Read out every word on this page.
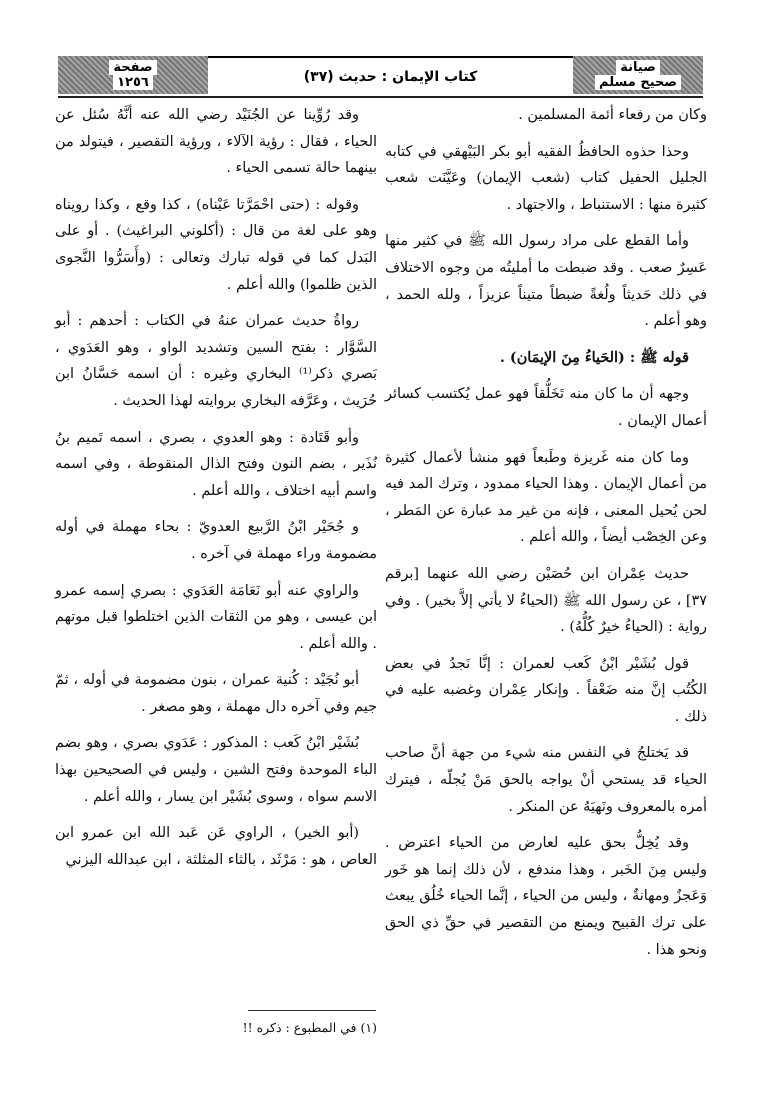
صيانة
صحيح مسلم
كتاب الإيمان : حديث (٣٧)
صفحة
١٢٥٦

وكان من رفعاء أئمة المسلمين .

وحذا حذوه الحافظُ الفقيه أبو بكر البَيْهقي في كتابه الجليل الحفيل كتاب (شعب الإيمان) وعَيَّنَت شعب كثيرة منها : الاستنباط ، والاجتهاد .

وأما القطع على مراد رسول الله ﷺ في كثير منها عَسِرٌ صعب . وقد ضبطت ما أمليتُه من وجوه الاختلاف في ذلك حَديثاً ولُغةً ضبطاً متيناً عزيزاً ، ولله الحمد ، وهو أعلم .

قوله ﷺ : (الحَياءُ مِنَ الإيمَان) .

وجهه أن ما كان منه تَخَلُّقاً فهو عمل يُكتسب كسائر أعمال الإيمان .

وما كان منه غَريزة وطَبعاً فهو منشأ لأعمال كثيرة من أعمال الإيمان . وهذا الحياء ممدود ، وترك المد فيه لحن يُحيل المعنى ، فإنه من غير مد عبارة عن المَطر ، وعن الخِصْب أيضاً ، والله أعلم .

حديث عِمْران ابن حُصَيْن رضي الله عنهما [برقم ٣٧] ، عن رسول الله ﷺ (الحياءُ لا يأتي إلاَّ بخير) . وفي رواية : (الحياءُ خيرٌ كُلُّهُ) .

قول بُشَيْر ابْنُ كَعب لعمران : إنَّا نَجدُ في بعض الكُتُب إنَّ منه ضَعْفاً . وإنكار عِمْران وغضبه عليه في ذلك .

قد يَختلجُ في النفس منه شيء من جهة أنَّ صاحب الحياء قد يستحي أنْ يواجه بالحق مَنْ يُجلّه ، فيترك أمره بالمعروف ونَهيَهُ عن المنكر .

وقد يُخِلُّ بحق عليه لعارض من الحياء اعترض . وليس مِنَ الخَبر ، وهذا مندفع ، لأن ذلك إنما هو خَور وَعَجزٌ ومهانةٌ ، وليس من الحياء ، إنَّما الحياء خُلُق يبعث على ترك القبيح ويمنع من التقصير في حقِّ ذي الحق ونحو هذا .

وقد رُوِّينا عن الجُنَيْد رضي الله عنه أنَّهُ سُئل عن الحياء ، فقال : رؤية الآلاء ، ورؤية التقصير ، فيتولد من بينهما حالة تسمى الحياء .

وقوله : (حتى احْمَرَّتا عَيْناه) ، كذا وقع ، وكذا رويناه وهو على لغة من قال : (أكلوني البراغيث) . أو على البَدل كما في قوله تبارك وتعالى : (وأَسَرُّوا النَّجوى الذين ظلموا) والله أعلم .

رواةُ حديث عمران عنهُ في الكتاب : أحدهم : أبو السَّوَّار : بفتح السين وتشديد الواو ، وهو العَدَوي ، بَصري ذكر⁽¹⁾ البخاري وغيره : أن اسمه حَسَّانُ ابن حُرَيث ، وعَرَّفه البخاري بروايته لهذا الحديث .

وأبو قَتَادة : وهو العدوي ، بصري ، اسمه تَميم بنُ نُذَير ، بضم النون وفتح الذال المنقوطة ، وفي اسمه واسم أبيه اختلاف ، والله أعلم .

و جُحَيْر ابْنُ الرَّبيع العدويّ : بحاء مهملة في أوله مضمومة وراء مهملة في آخره .

والراوي عنه أبو نَعَامَة العَدَوي : بصري إسمه عمرو ابن عيسى ، وهو من الثقات الذين اختلطوا قبل موتهم . والله أعلم .

أبو نُجَيْد : كُنية عمران ، بنون مضمومة في أوله ، ثمّ جيم وفي آخره دال مهملة ، وهو مصغر .

بُشَيْر ابْنُ كَعب : المذكور : عَدَوي بصري ، وهو بضم الباء الموحدة وفتح الشين ، وليس في الصحيحين بهذا الاسم سواه ، وسوى بُشَيْر ابن يسار ، والله أعلم .

(أبو الخير) ، الراوي عَن عَبد الله ابن عمرو ابن العاص ، هو : مَرْثَد ، بالثاء المثلثة ، ابن عبدالله اليزني

(١) في المطبوع : ذكره !!
